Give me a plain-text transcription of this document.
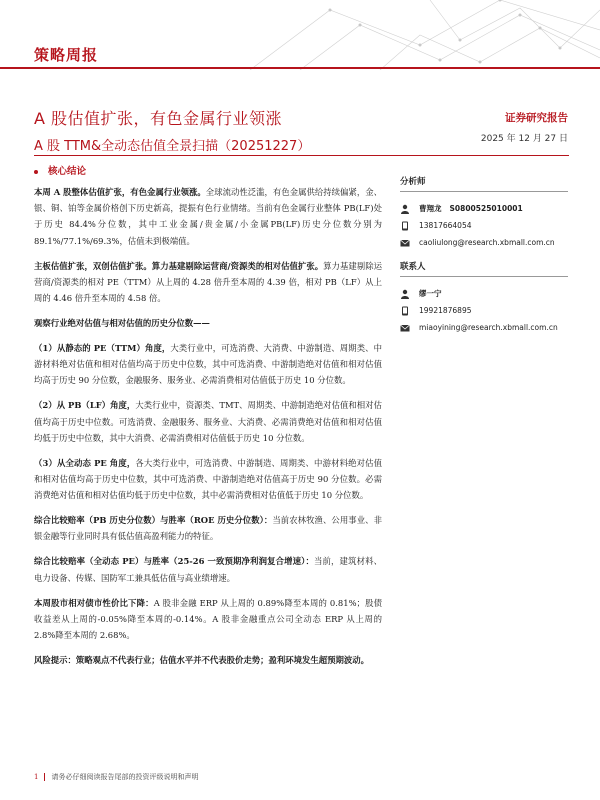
策略周报
A 股估值扩张，有色金属行业领涨
A 股 TTM&全动态估值全景扫描（20251227）
证券研究报告
2025 年 12 月 27 日
核心结论

本周 A 股整体估值扩张，有色金属行业领涨。全球流动性泛滥，有色金属供给持续偏紧，金、银、铜、铂等金属价格创下历史新高，提振有色行业情绪。当前有色金属行业整体 PB(LF)处于历史 84.4%分位数，其中工业金属/贵金属/小金属PB(LF)历史分位数分别为 89.1%/77.1%/69.3%，估值未到极端值。

主板估值扩张，双创估值扩张。算力基建剔除运营商/资源类的相对估值扩张。算力基建剔除运营商/资源类的相对 PE（TTM）从上周的 4.28 倍升至本周的 4.39 倍，相对 PB（LF）从上周的 4.46 倍升至本周的 4.58 倍。

观察行业绝对估值与相对估值的历史分位数——

（1）从静态的 PE（TTM）角度，大类行业中，可选消费、大消费、中游制造、周期类、中游材料绝对估值和相对估值均高于历史中位数，其中可选消费、中游制造绝对估值和相对估值均高于历史 90 分位数，金融服务、服务业、必需消费相对估值低于历史 10 分位数。

（2）从 PB（LF）角度，大类行业中，资源类、TMT、周期类、中游制造绝对估值和相对估值均高于历史中位数。可选消费、金融服务、服务业、大消费、必需消费绝对估值和相对估值均低于历史中位数，其中大消费、必需消费相对估值低于历史 10 分位数。

（3）从全动态 PE 角度，各大类行业中，可选消费、中游制造、周期类、中游材料绝对估值和相对估值均高于历史中位数，其中可选消费、中游制造绝对估值高于历史 90 分位数。必需消费绝对估值和相对估值均低于历史中位数，其中必需消费相对估值低于历史 10 分位数。

综合比较赔率（PB 历史分位数）与胜率（ROE 历史分位数）：当前农林牧渔、公用事业、非银金融等行业同时具有低估值高盈利能力的特征。

综合比较赔率（全动态 PE）与胜率（25-26 一致预期净利润复合增速）：当前，建筑材料、电力设备、传媒、国防军工兼具低估值与高业绩增速。

本周股市相对债市性价比下降：A 股非金融 ERP 从上周的 0.89%降至本周的 0.81%；股债收益差从上周的-0.05%降至本周的-0.14%。A 股非金融重点公司全动态 ERP 从上周的 2.8%降至本周的 2.68%。

风险提示：策略观点不代表行业；估值水平并不代表股价走势；盈利环境发生超预期波动。

分析师
曹翔龙 S0800525010001
13817664054
caoliulong@research.xbmall.com.cn
联系人
缪一宁
19921876895
miaoyining@research.xbmall.com.cn
1 请务必仔细阅读报告尾部的投资评级说明和声明
